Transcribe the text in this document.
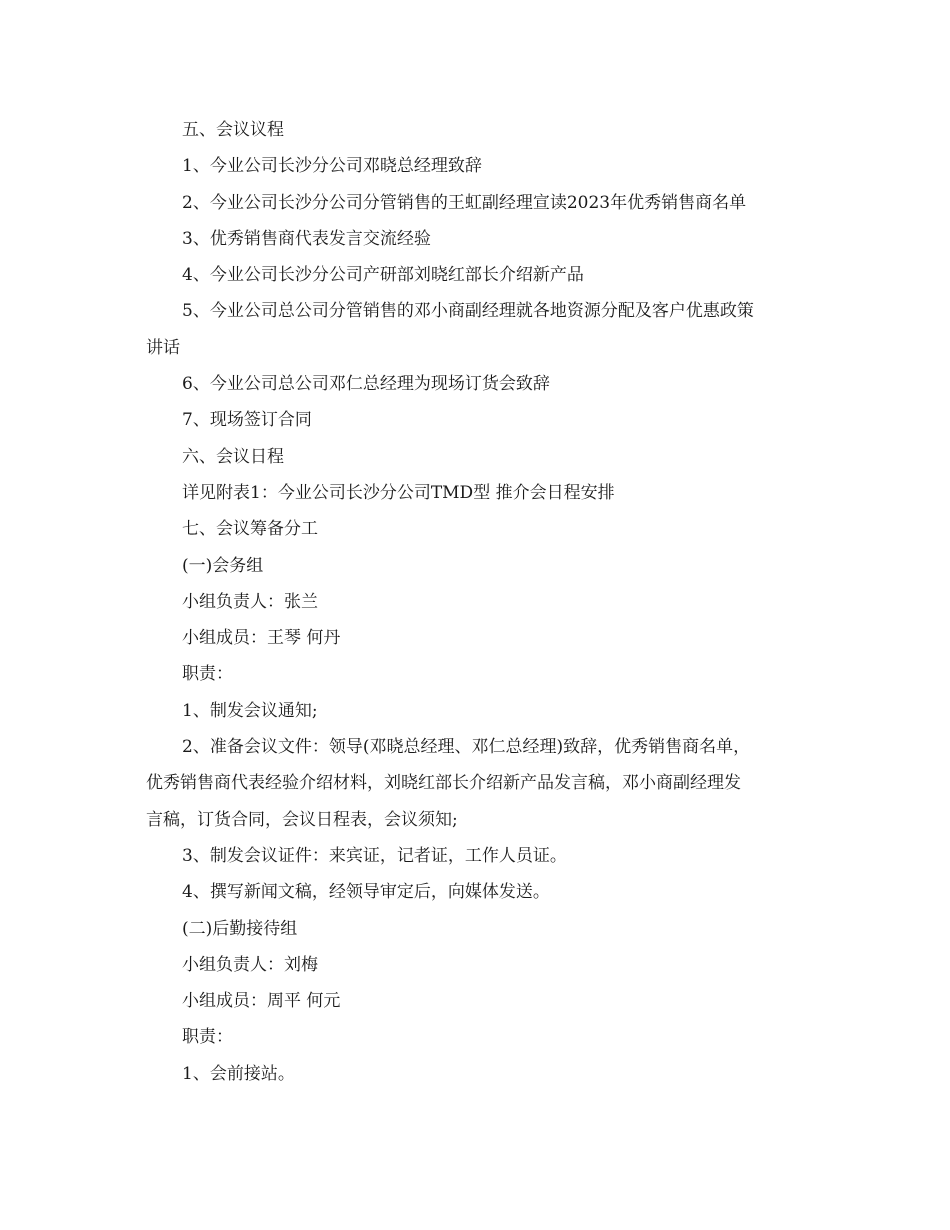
五、会议议程
1、今业公司长沙分公司邓晓总经理致辞
2、今业公司长沙分公司分管销售的王虹副经理宣读2023年优秀销售商名单
3、优秀销售商代表发言交流经验
4、今业公司长沙分公司产研部刘晓红部长介绍新产品
5、今业公司总公司分管销售的邓小商副经理就各地资源分配及客户优惠政策
讲话
6、今业公司总公司邓仁总经理为现场订货会致辞
7、现场签订合同
六、会议日程
详见附表1：今业公司长沙分公司TMD型 推介会日程安排
七、会议筹备分工
(一)会务组
小组负责人：张兰
小组成员：王琴 何丹
职责：
1、制发会议通知;
2、准备会议文件：领导(邓晓总经理、邓仁总经理)致辞，优秀销售商名单，
优秀销售商代表经验介绍材料，刘晓红部长介绍新产品发言稿，邓小商副经理发
言稿，订货合同，会议日程表，会议须知;
3、制发会议证件：来宾证，记者证，工作人员证。
4、撰写新闻文稿，经领导审定后，向媒体发送。
(二)后勤接待组
小组负责人：刘梅
小组成员：周平 何元
职责：
1、会前接站。
